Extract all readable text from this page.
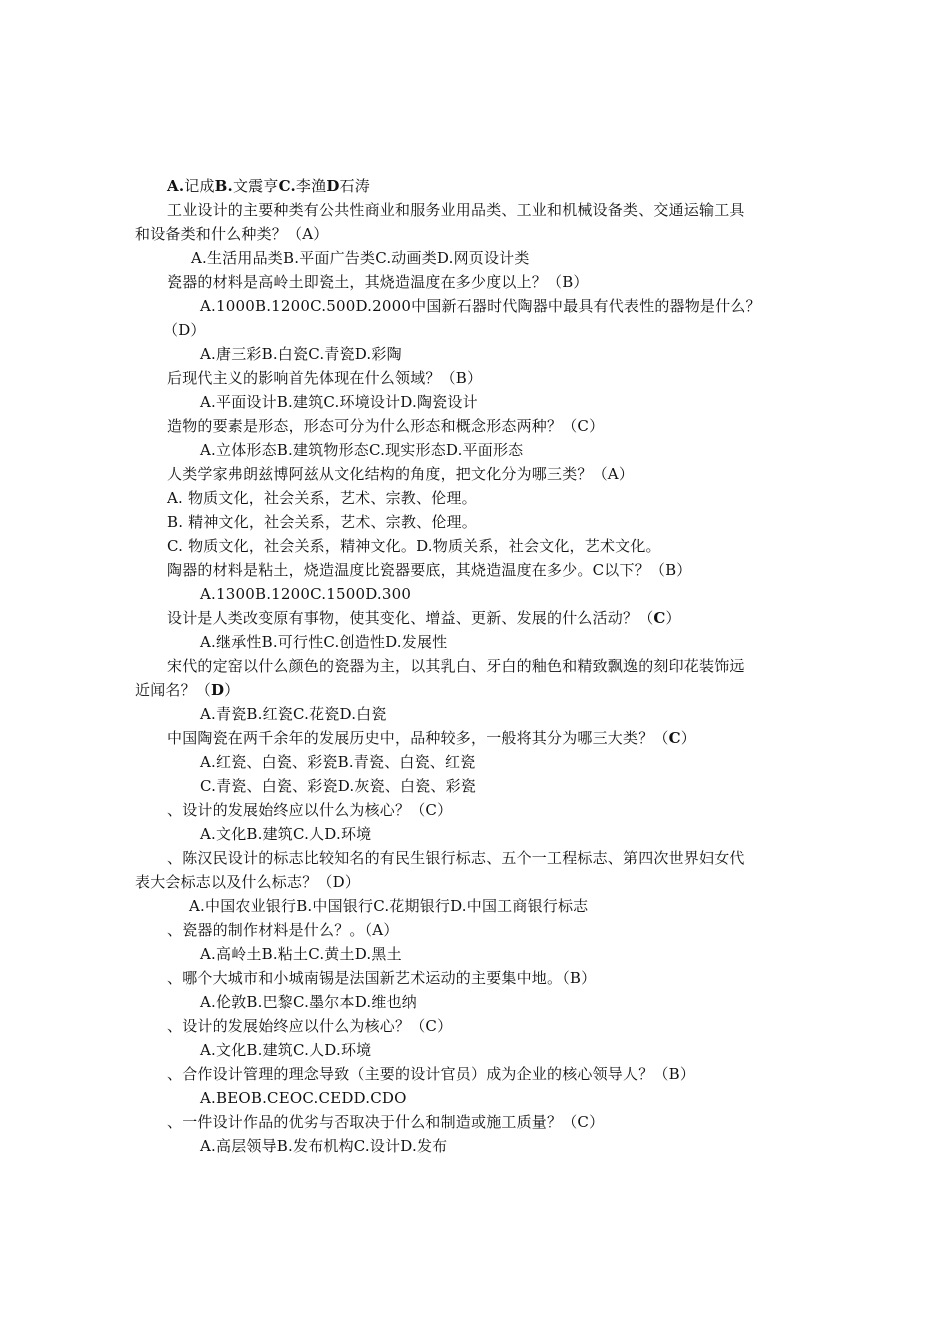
A.记成B.文震亨C.李渔D石涛
工业设计的主要种类有公共性商业和服务业用品类、工业和机械设备类、交通运输工具
和设备类和什么种类？（A）
A.生活用品类B.平面广告类C.动画类D.网页设计类
瓷器的材料是高岭土即瓷土，其烧造温度在多少度以上？（B）
A.1000B.1200C.500D.2000中国新石器时代陶器中最具有代表性的器物是什么？
（D）
A.唐三彩B.白瓷C.青瓷D.彩陶
后现代主义的影响首先体现在什么领域？（B）
A.平面设计B.建筑C.环境设计D.陶瓷设计
造物的要素是形态，形态可分为什么形态和概念形态两种？（C）
A.立体形态B.建筑物形态C.现实形态D.平面形态
人类学家弗朗兹博阿兹从文化结构的角度，把文化分为哪三类？（A）
A. 物质文化，社会关系，艺术、宗教、伦理。
B. 精神文化，社会关系，艺术、宗教、伦理。
C. 物质文化，社会关系，精神文化。D.物质关系，社会文化，艺术文化。
陶器的材料是粘土，烧造温度比瓷器要底，其烧造温度在多少。C以下？（B）
A.1300B.1200C.1500D.300
设计是人类改变原有事物，使其变化、增益、更新、发展的什么活动？（C）
A.继承性B.可行性C.创造性D.发展性
宋代的定窑以什么颜色的瓷器为主，以其乳白、牙白的釉色和精致飘逸的刻印花装饰远
近闻名？（D）
A.青瓷B.红瓷C.花瓷D.白瓷
中国陶瓷在两千余年的发展历史中，品种较多，一般将其分为哪三大类？（C）
A.红瓷、白瓷、彩瓷B.青瓷、白瓷、红瓷
C.青瓷、白瓷、彩瓷D.灰瓷、白瓷、彩瓷
、设计的发展始终应以什么为核心？（C）
A.文化B.建筑C.人D.环境
、陈汉民设计的标志比较知名的有民生银行标志、五个一工程标志、第四次世界妇女代
表大会标志以及什么标志？（D）
A.中国农业银行B.中国银行C.花期银行D.中国工商银行标志
、瓷器的制作材料是什么？。（A）
A.高岭土B.粘土C.黄土D.黑土
、哪个大城市和小城南锡是法国新艺术运动的主要集中地。（B）
A.伦敦B.巴黎C.墨尔本D.维也纳
、设计的发展始终应以什么为核心？（C）
A.文化B.建筑C.人D.环境
、合作设计管理的理念导致（主要的设计官员）成为企业的核心领导人？（B）
A.BEOB.CEOC.CEDD.CDO
、一件设计作品的优劣与否取决于什么和制造或施工质量？（C）
A.高层领导B.发布机构C.设计D.发布
